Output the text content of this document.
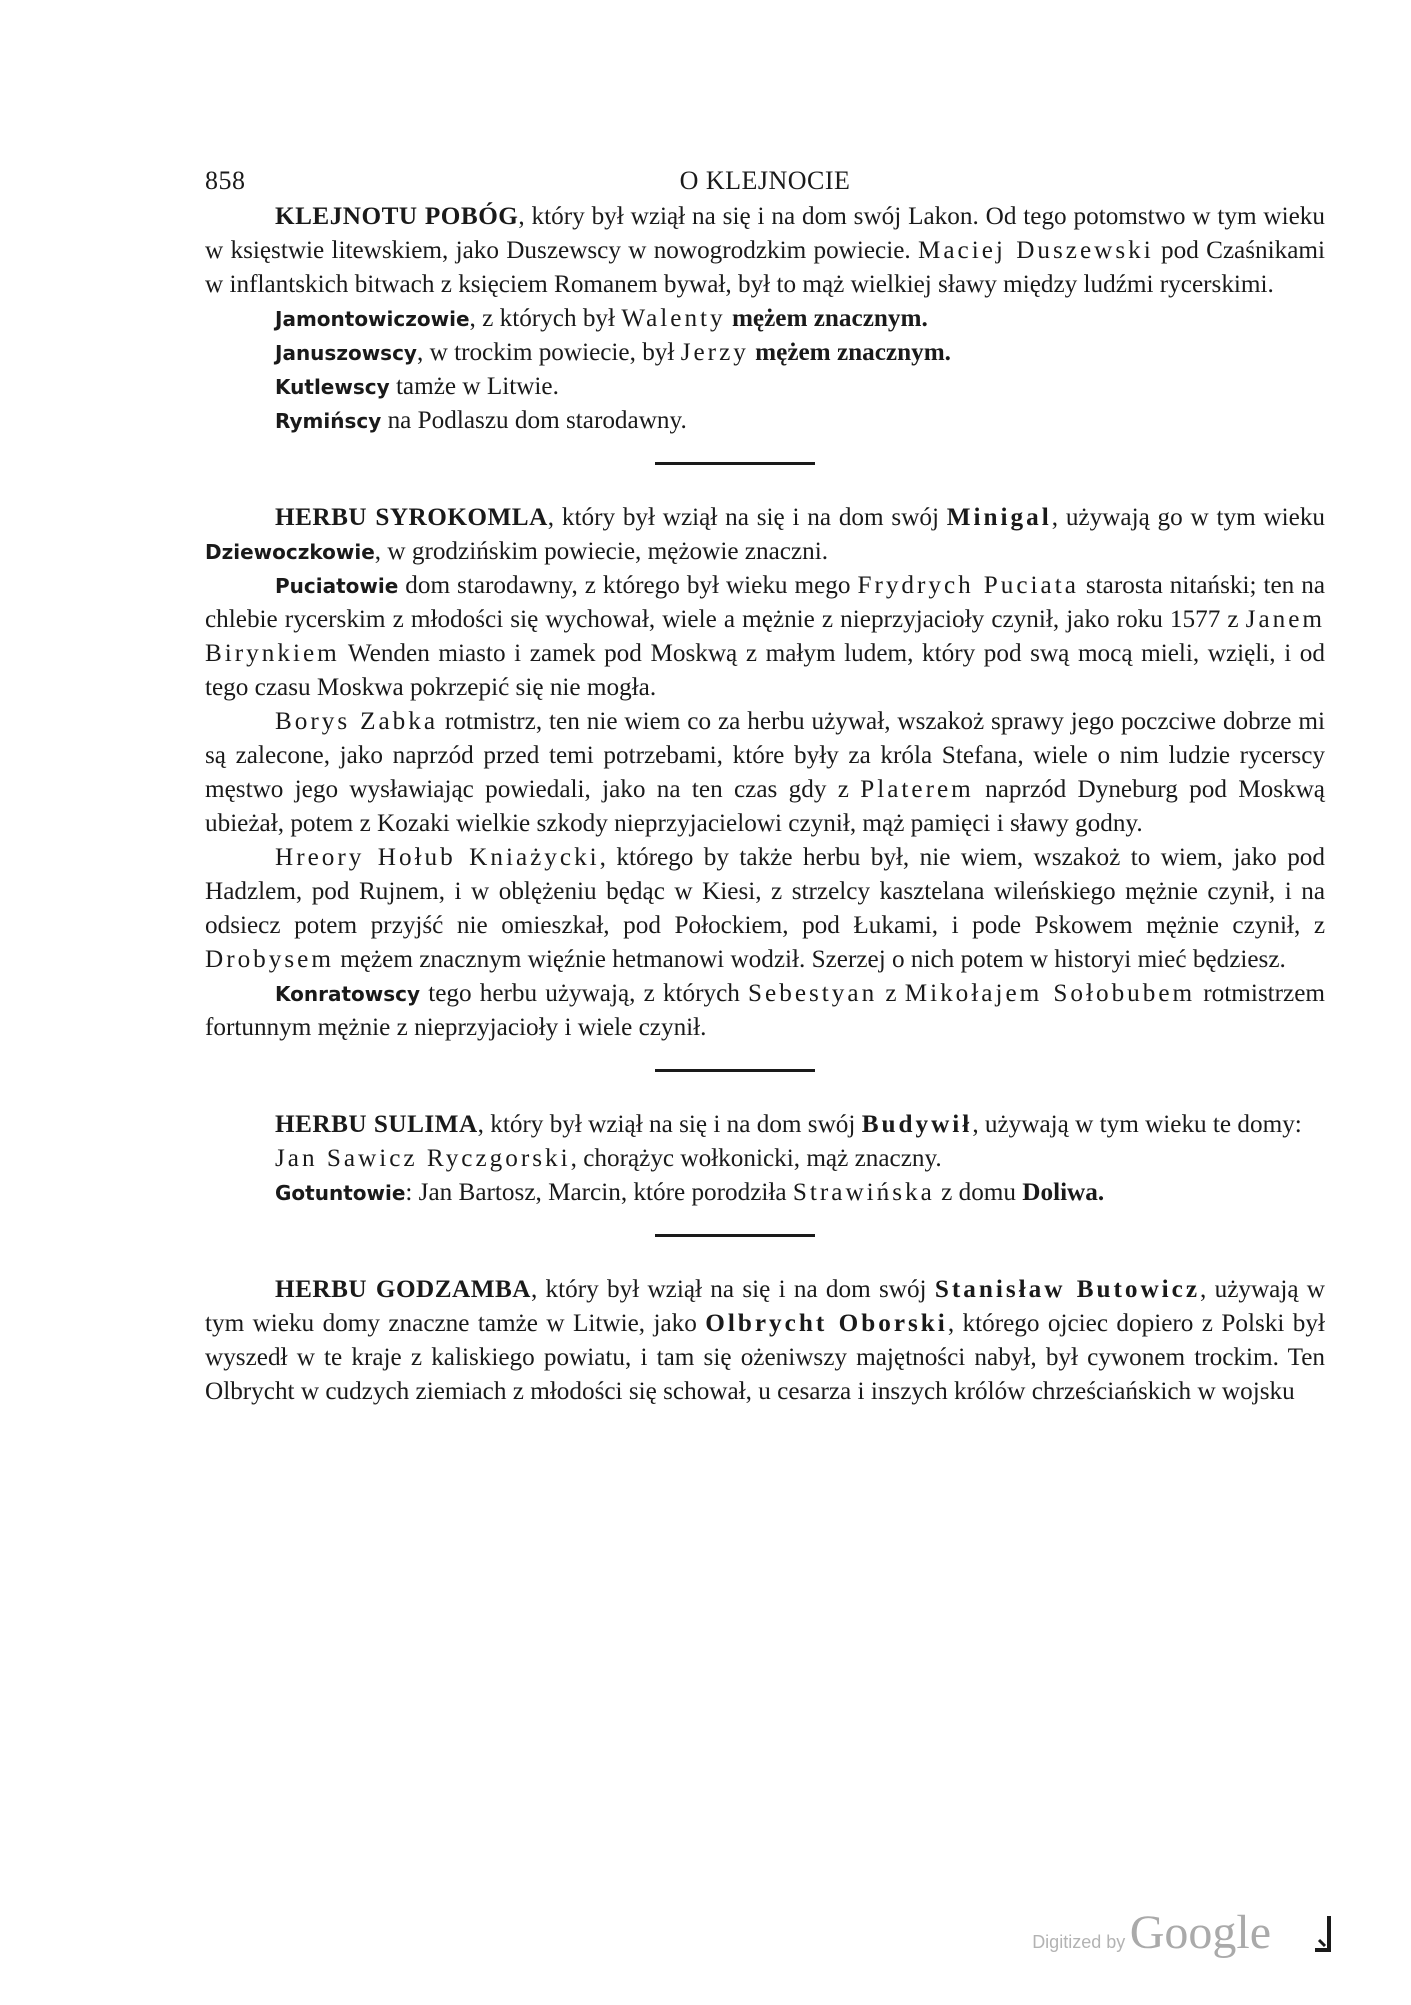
858	O KLEJNOCIE

KLEJNOTU POBÓG, który był wziął na się i na dom swój Lakon. Od tego potomstwo w tym wieku w księstwie litewskiem, jako Duszewscy w nowogrodzkim powiecie. Maciej Duszewski pod Czaśnikami w inflantskich bitwach z księciem Romanem bywał, był to mąż wielkiej sławy między ludźmi rycerskimi.

Jamontowiczowie, z których był Walenty mężem znacznym.

Januszowscy, w trockim powiecie, był Jerzy mężem znacznym.

Kutlewscy tamże w Litwie.

Rymińscy na Podlaszu dom starodawny.

HERBU SYROKOMLA, który był wziął na się i na dom swój Minigal, używają go w tym wieku Dziewoczkowie, w grodzińskim powiecie, mężowie znaczni.

Puciatowie dom starodawny, z którego był wieku mego Frydrych Puciata starosta nitański; ten na chlebie rycerskim z młodości się wychował, wiele a mężnie z nieprzyjacioły czynił, jako roku 1577 z Janem Birynkiem Wenden miasto i zamek pod Moskwą z małym ludem, który pod swą mocą mieli, wzięli, i od tego czasu Moskwa pokrzepić się nie mogła.

Borys Zabka rotmistrz, ten nie wiem co za herbu używał, wszakoż sprawy jego poczciwe dobrze mi są zalecone, jako naprzód przed temi potrzebami, które były za króla Stefana, wiele o nim ludzie rycerscy męstwo jego wysławiając powiedali, jako na ten czas gdy z Platerem naprzód Dyneburg pod Moskwą ubieżał, potem z Kozaki wielkie szkody nieprzyjacielowi czynił, mąż pamięci i sławy godny.

Hreory Hołub Kniażycki, którego by także herbu był, nie wiem, wszakoż to wiem, jako pod Hadzlem, pod Rujnem, i w oblężeniu będąc w Kiesi, z strzelcy kasztelana wileńskiego mężnie czynił, i na odsiecz potem przyjść nie omieszkał, pod Połockiem, pod Łukami, i pode Pskowem mężnie czynił, z Drobysem mężem znacznym więźnie hetmanowi wodził. Szerzej o nich potem w historyi mieć będziesz.

Konratowscy tego herbu używają, z których Sebestyan z Mikołajem Sołobubem rotmistrzem fortunnym mężnie z nieprzyjacioły i wiele czynił.

HERBU SULIMA, który był wziął na się i na dom swój Budywił, używają w tym wieku te domy:

Jan Sawicz Ryczgorski, chorążyc wołkonicki, mąż znaczny.

Gotuntowie: Jan Bartosz, Marcin, które porodziła Strawińska z domu Doliwa.

HERBU GODZAMBA, który był wziął na się i na dom swój Stanisław Butowicz, używają w tym wieku domy znaczne tamże w Litwie, jako Olbrycht Oborski, którego ojciec dopiero z Polski był wyszedł w te kraje z kaliskiego powiatu, i tam się ożeniwszy majętności nabył, był cywonem trockim. Ten Olbrycht w cudzych ziemiach z młodości się schował, u cesarza i inszych królów chrześciańskich w wojsku

Digitized by Google
